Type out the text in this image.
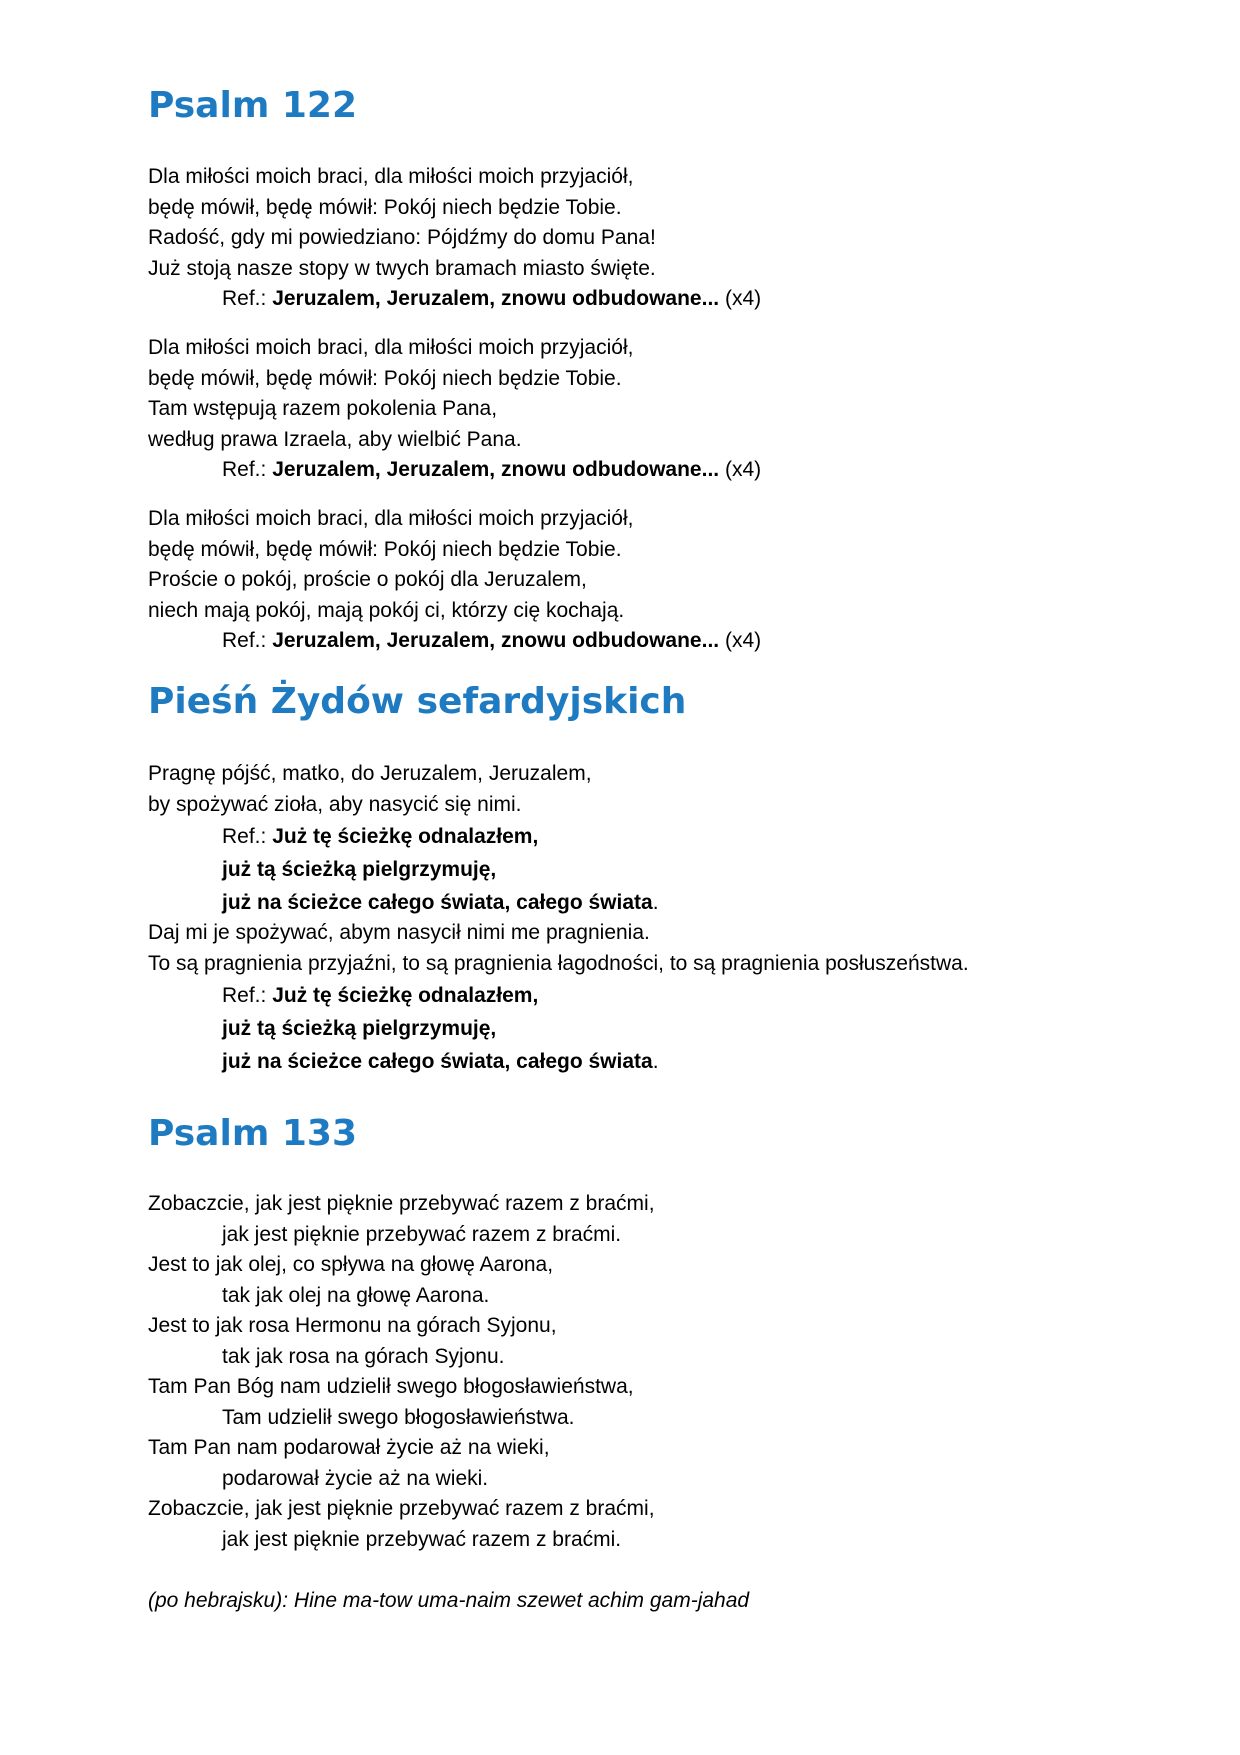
Psalm 122
Dla miłości moich braci, dla miłości moich przyjaciół,
będę mówił, będę mówił: Pokój niech będzie Tobie.
Radość, gdy mi powiedziano: Pójdźmy do domu Pana!
Już stoją nasze stopy w twych bramach miasto święte.
Ref.: Jeruzalem, Jeruzalem, znowu odbudowane... (x4)
Dla miłości moich braci, dla miłości moich przyjaciół,
będę mówił, będę mówił: Pokój niech będzie Tobie.
Tam wstępują razem pokolenia Pana,
według prawa Izraela, aby wielbić Pana.
Ref.: Jeruzalem, Jeruzalem, znowu odbudowane... (x4)
Dla miłości moich braci, dla miłości moich przyjaciół,
będę mówił, będę mówił: Pokój niech będzie Tobie.
Proście o pokój, proście o pokój dla Jeruzalem,
niech mają pokój, mają pokój ci, którzy cię kochają.
Ref.: Jeruzalem, Jeruzalem, znowu odbudowane... (x4)
Pieśń Żydów sefardyjskich
Pragnę pójść, matko, do Jeruzalem, Jeruzalem,
by spożywać zioła, aby nasycić się nimi.
Ref.: Już tę ścieżkę odnalazłem,
już tą ścieżką pielgrzymuję,
już na ścieżce całego świata, całego świata.
Daj mi je spożywać, abym nasycił nimi me pragnienia.
To są pragnienia przyjaźni, to są pragnienia łagodności, to są pragnienia posłuszeństwa.
Ref.: Już tę ścieżkę odnalazłem,
już tą ścieżką pielgrzymuję,
już na ścieżce całego świata, całego świata.
Psalm 133
Zobaczcie, jak jest pięknie przebywać razem z braćmi,
jak jest pięknie przebywać razem z braćmi.
Jest to jak olej, co spływa na głowę Aarona,
tak jak olej na głowę Aarona.
Jest to jak rosa Hermonu na górach Syjonu,
tak jak rosa na górach Syjonu.
Tam Pan Bóg nam udzielił swego błogosławieństwa,
Tam udzielił swego błogosławieństwa.
Tam Pan nam podarował życie aż na wieki,
podarował życie aż na wieki.
Zobaczcie, jak jest pięknie przebywać razem z braćmi,
jak jest pięknie przebywać razem z braćmi.
(po hebrajsku): Hine ma-tow uma-naim szewet achim gam-jahad
